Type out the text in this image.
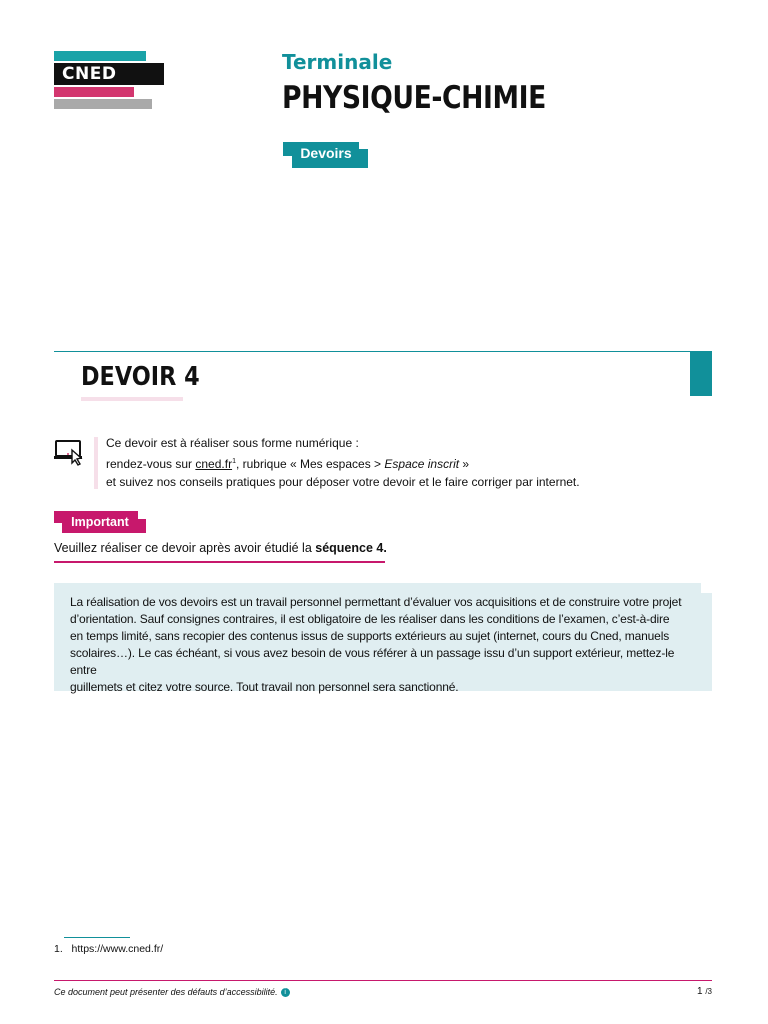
CNED	Terminale
PHYSIQUE-CHIMIE
Devoirs
DEVOIR 4
Ce devoir est à réaliser sous forme numérique :
rendez-vous sur $cned.fr^1$, rubrique « Mes espaces > Espace inscrit »
et suivez nos conseils pratiques pour déposer votre devoir et le faire corriger par internet.
Important
Veuillez réaliser ce devoir après avoir étudié la séquence 4.
La réalisation de vos devoirs est un travail personnel permettant d’évaluer vos acquisitions et de construire votre projet
d’orientation. Sauf consignes contraires, il est obligatoire de les réaliser dans les conditions de l’examen, c’est-à-dire
en temps limité, sans recopier des contenus issus de supports extérieurs au sujet (internet, cours du Cned, manuels
scolaires…). Le cas échéant, si vous avez besoin de vous référer à un passage issu d’un support extérieur, mettez-le entre
guillemets et citez votre source. Tout travail non personnel sera sanctionné.
1. https://www.cned.fr/
Ce document peut présenter des défauts d’accessibilité. i	1 /3
